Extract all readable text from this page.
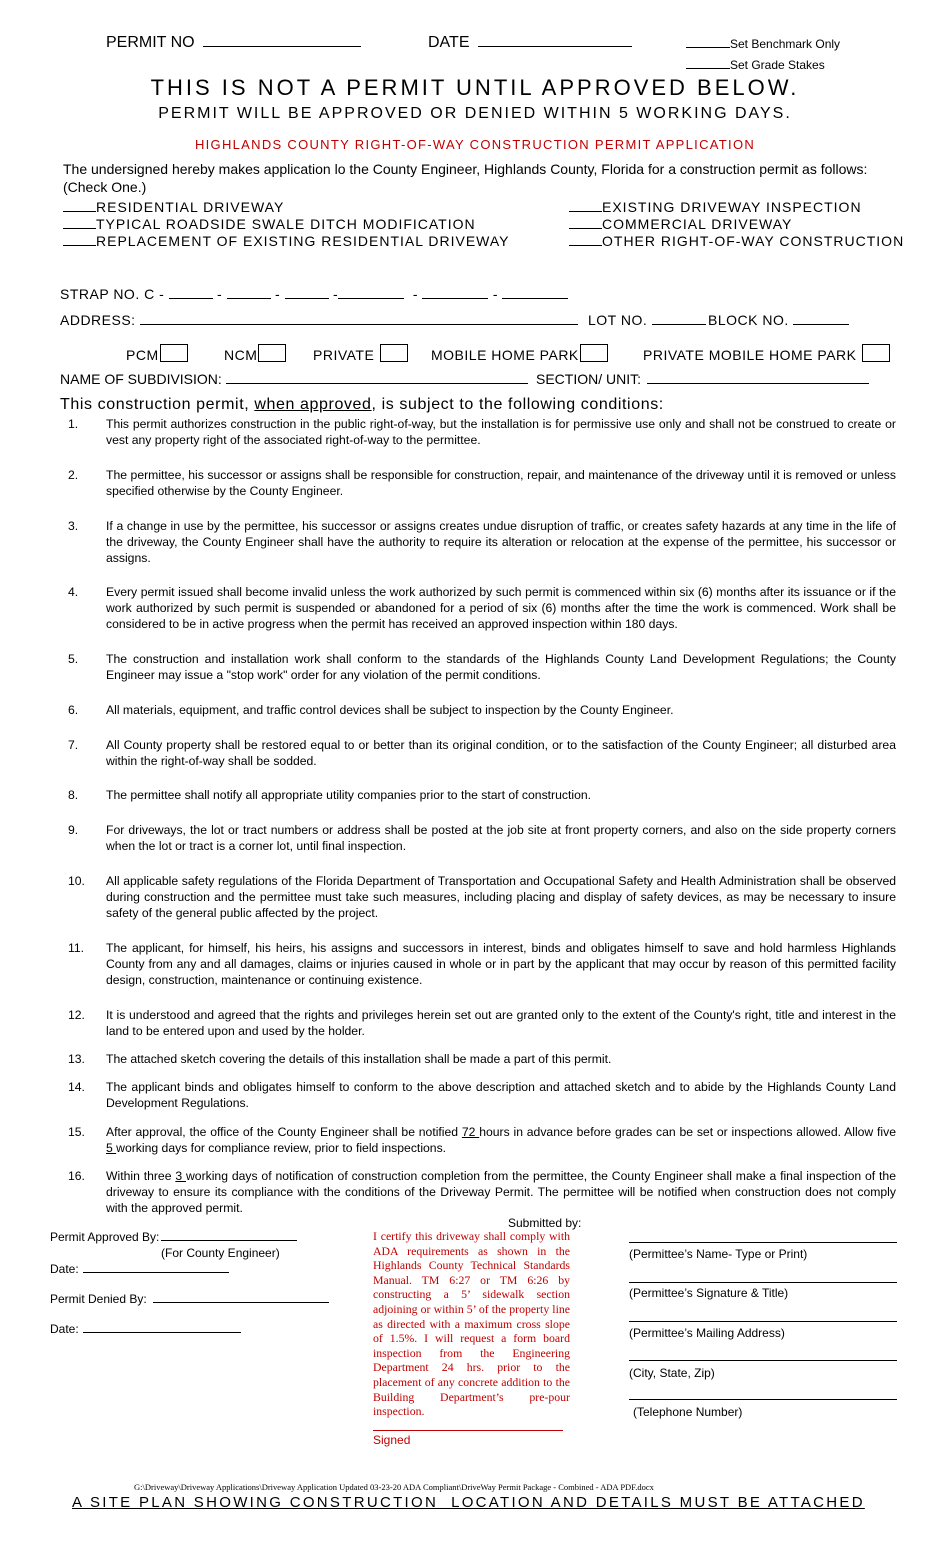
PERMIT NO	DATE	Set Benchmark Only
Set Grade Stakes
THIS IS NOT A PERMIT UNTIL APPROVED BELOW.
PERMIT WILL BE APPROVED OR DENIED WITHIN 5 WORKING DAYS.
HIGHLANDS COUNTY RIGHT-OF-WAY CONSTRUCTION PERMIT APPLICATION
The undersigned hereby makes application lo the County Engineer, Highlands County, Florida for a construction permit as follows:
(Check One.)
RESIDENTIAL DRIVEWAY
TYPICAL ROADSIDE SWALE DITCH MODIFICATION
REPLACEMENT OF EXISTING RESIDENTIAL DRIVEWAY
EXISTING DRIVEWAY INSPECTION
COMMERCIAL DRIVEWAY
OTHER RIGHT-OF-WAY CONSTRUCTION
STRAP NO. C -	-	-	-	-	-
ADDRESS:	LOT NO.	BLOCK NO.
PCM	NCM	PRIVATE	MOBILE HOME PARK	PRIVATE MOBILE HOME PARK
NAME OF SUBDIVISION:	SECTION/ UNIT:
This construction permit, when approved, is subject to the following conditions:
1.	This permit authorizes construction in the public right-of-way, but the installation is for permissive use only and shall not be construed to create or vest any property right of the associated right-of-way to the permittee.
2.	The permittee, his successor or assigns shall be responsible for construction, repair, and maintenance of the driveway until it is removed or unless specified otherwise by the County Engineer.
3.	If a change in use by the permittee, his successor or assigns creates undue disruption of traffic, or creates safety hazards at any time in the life of the driveway, the County Engineer shall have the authority to require its alteration or relocation at the expense of the permittee, his successor or assigns.
4.	Every permit issued shall become invalid unless the work authorized by such permit is commenced within six (6) months after its issuance or if the work authorized by such permit is suspended or abandoned for a period of six (6) months after the time the work is commenced. Work shall be considered to be in active progress when the permit has received an approved inspection within 180 days.
5.	The construction and installation work shall conform to the standards of the Highlands County Land Development Regulations; the County Engineer may issue a "stop work" order for any violation of the permit conditions.
6.	All materials, equipment, and traffic control devices shall be subject to inspection by the County Engineer.
7.	All County property shall be restored equal to or better than its original condition, or to the satisfaction of the County Engineer; all disturbed area within the right-of-way shall be sodded.
8.	The permittee shall notify all appropriate utility companies prior to the start of construction.
9.	For driveways, the lot or tract numbers or address shall be posted at the job site at front property corners, and also on the side property corners when the lot or tract is a corner lot, until final inspection.
10.	All applicable safety regulations of the Florida Department of Transportation and Occupational Safety and Health Administration shall be observed during construction and the permittee must take such measures, including placing and display of safety devices, as may be necessary to insure safety of the general public affected by the project.
11.	The applicant, for himself, his heirs, his assigns and successors in interest, binds and obligates himself to save and hold harmless Highlands County from any and all damages, claims or injuries caused in whole or in part by the applicant that may occur by reason of this permitted facility design, construction, maintenance or continuing existence.
12.	It is understood and agreed that the rights and privileges herein set out are granted only to the extent of the County's right, title and interest in the land to be entered upon and used by the holder.
13.	The attached sketch covering the details of this installation shall be made a part of this permit.
14.	The applicant binds and obligates himself to conform to the above description and attached sketch and to abide by the Highlands County Land Development Regulations.
15.	After approval, the office of the County Engineer shall be notified 72 hours in advance before grades can be set or inspections allowed. Allow five 5 working days for compliance review, prior to field inspections.
16.	Within three 3 working days of notification of construction completion from the permittee, the County Engineer shall make a final inspection of the driveway to ensure its compliance with the conditions of the Driveway Permit. The permittee will be notified when construction does not comply with the approved permit.
Permit Approved By:
(For County Engineer)
Date:
Permit Denied By:
Date:
Submitted by:
I certify this driveway shall comply with ADA requirements as shown in the Highlands County Technical Standards Manual. TM 6:27 or TM 6:26 by constructing a 5’ sidewalk section adjoining or within 5’ of the property line as directed with a maximum cross slope of 1.5%. I will request a form board inspection from the Engineering Department 24 hrs. prior to the placement of any concrete addition to the Building Department’s pre-pour inspection.
Signed
(Permittee’s Name- Type or Print)
(Permittee’s Signature & Title)
(Permittee’s Mailing Address)
(City, State, Zip)
(Telephone Number)
G:\Driveway\Driveway Applications\Driveway Application Updated 03-23-20 ADA Compliant\DriveWay Permit Package - Combined - ADA PDF.docx
A SITE PLAN SHOWING CONSTRUCTION  LOCATION AND DETAILS MUST BE ATTACHED
